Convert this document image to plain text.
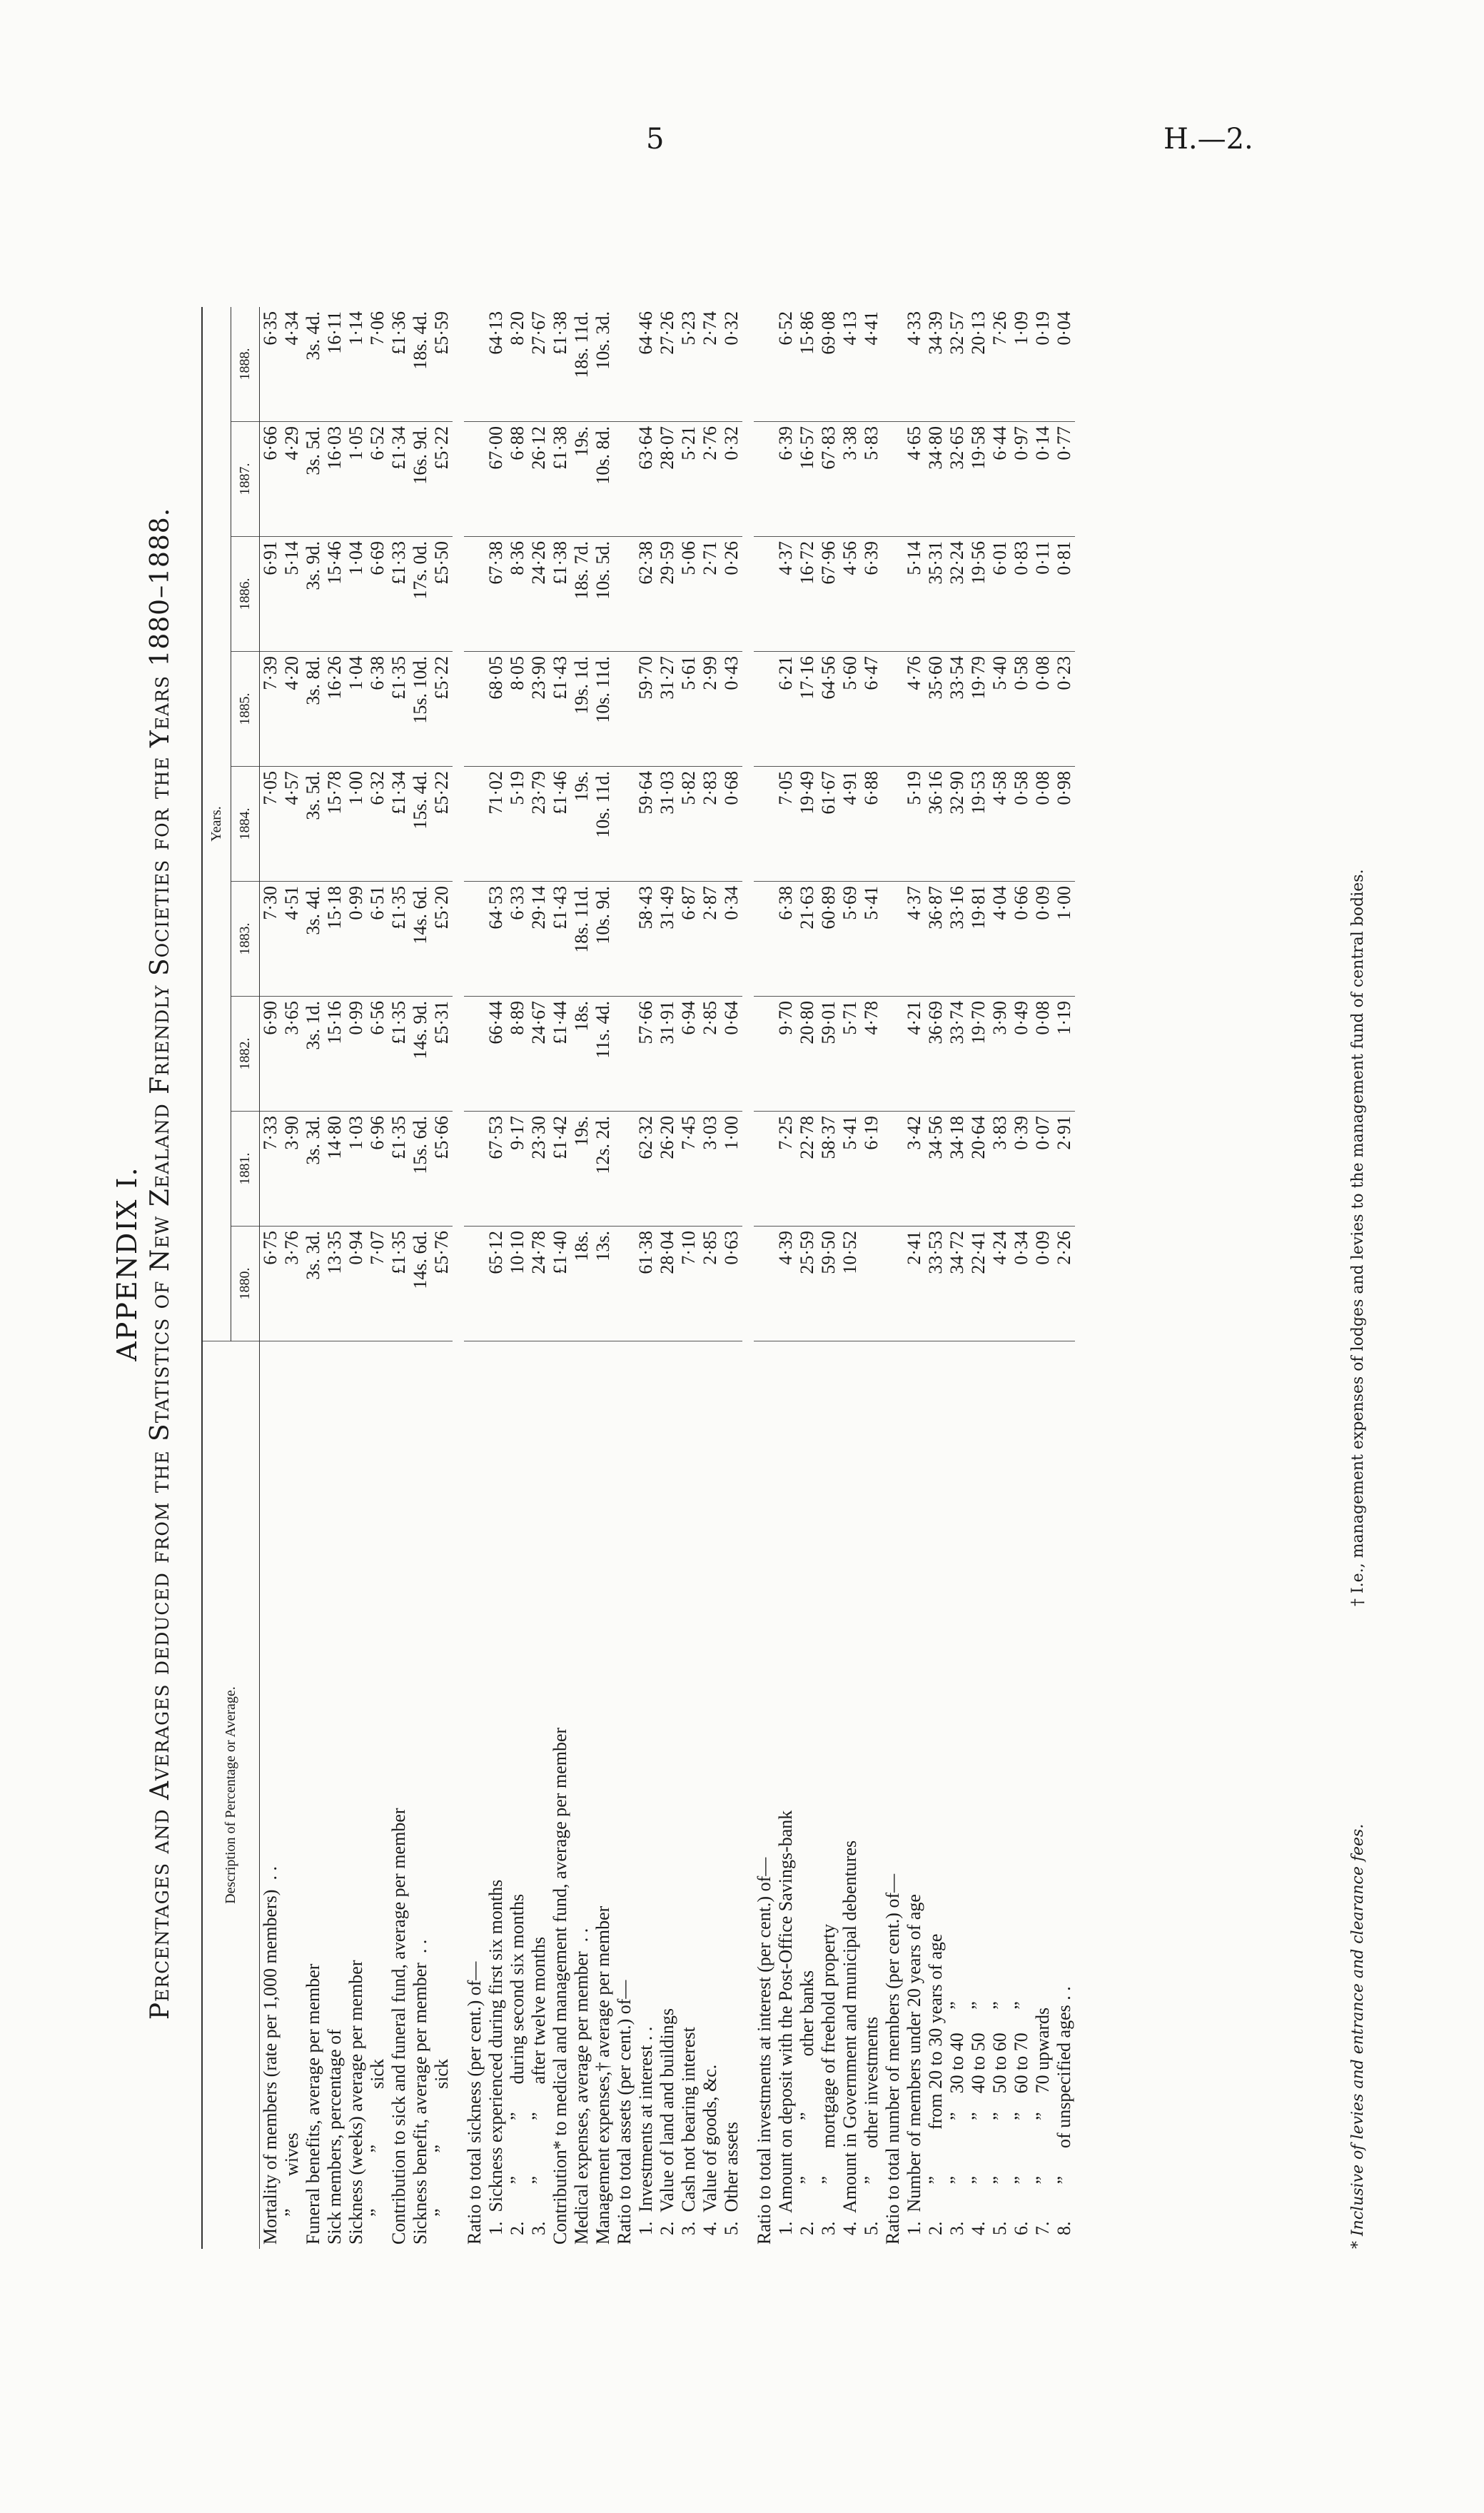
5	H.—2.
APPENDIX I. Percentages and Averages deduced from the Statistics of New Zealand Friendly Societies for the Years 1880–1888.	Description of Percentage or Average.	Years.								
	1880.	1881.	1882.	1883.	1884.	1885.	1886.	1887.	1888.
Mortality of members (rate per 1,000 members)  . .	6·75	7·33	6·90	7·30	7·05	7·39	6·91	6·66	6·35
”       wives	3·76	3·90	3·65	4·51	4·57	4·20	5·14	4·29	4·34
Funeral benefits, average per member	3s. 3d.	3s. 3d.	3s. 1d.	3s. 4d.	3s. 5d.	3s. 8d.	3s. 9d.	3s. 5d.	3s. 4d.
Sick members, percentage of	13·35	14·80	15·16	15·18	15·78	16·26	15·46	16·03	16·11
Sickness (weeks) average per member	0·94	1·03	0·99	0·99	1·00	1·04	1·04	1·05	1·14
”            ”            sick	7·07	6·96	6·56	6·51	6·32	6·38	6·69	6·52	7·06
Contribution to sick and funeral fund, average per member	£1·35	£1·35	£1·35	£1·35	£1·34	£1·35	£1·33	£1·34	£1·36
Sickness benefit, average per member  . .	14s. 6d.	15s. 6d.	14s. 9d.	14s. 6d.	15s. 4d.	15s. 10d.	17s. 0d.	16s. 9d.	18s. 4d.
”            ”            sick	£5·76	£5·66	£5·31	£5·20	£5·22	£5·22	£5·50	£5·22	£5·59

Ratio to total sickness (per cent.) of—									
1.  Sickness experienced during first six months	65·12	67·53	66·44	64·53	71·02	68·05	67·38	67·00	64·13
2.        ”            ”      during second six months	10·10	9·17	8·89	6·33	5·19	8·05	8·36	6·88	8·20
3.        ”            ”      after twelve months	24·78	23·30	24·67	29·14	23·79	23·90	24·26	26·12	27·67
Contribution* to medical and management fund, average per member	£1·40	£1·42	£1·44	£1·43	£1·46	£1·43	£1·38	£1·38	£1·38
Medical expenses, average per member  . .	18s.	19s.	18s.	18s. 11d.	19s.	19s. 1d.	18s. 7d.	19s.	18s. 11d.
Management expenses,† average per member	13s.	12s. 2d.	11s. 4d.	10s. 9d.	10s. 11d.	10s. 11d.	10s. 5d.	10s. 8d.	10s. 3d.
Ratio to total assets (per cent.) of—									
1.  Investments at interest . .	61·38	62·32	57·66	58·43	59·64	59·70	62·38	63·64	64·46
2.  Value of land and buildings	28·04	26·20	31·91	31·49	31·03	31·27	29·59	28·07	27·26
3.  Cash not bearing interest	7·10	7·45	6·94	6·87	5·82	5·61	5·06	5·21	5·23
4.  Value of goods, &c.	2·85	3·03	2·85	2·87	2·83	2·99	2·71	2·76	2·74
5.  Other assets	0·63	1·00	0·64	0·34	0·68	0·43	0·26	0·32	0·32

Ratio to total investments at interest (per cent.) of—									
1.  Amount on deposit with the Post-Office Savings-bank	4·39	7·25	9·70	6·38	7·05	6·21	4·37	6·39	6·52
2.        ”            ”            other banks	25·59	22·78	20·80	21·63	19·49	17·16	16·72	16·57	15·86
3.        ”      mortgage of freehold property	59·50	58·37	59·01	60·89	61·67	64·56	67·96	67·83	69·08
4.  Amount in Government and municipal debentures	10·52	5·41	5·71	5·69	4·91	5·60	4·56	3·38	4·13
5.        ”      other investments		6·19	4·78	5·41	6·88	6·47	6·39	5·83	4·41
Ratio to total number of members (per cent.) of—									
1.  Number of members under 20 years of age	2·41	3·42	4·21	4·37	5·19	4·76	5·14	4·65	4·33
2.        ”          from 20 to 30 years of age	33·53	34·56	36·69	36·87	36·16	35·60	35·31	34·80	34·39
3.        ”            ”    30 to 40     ”	34·72	34·18	33·74	33·16	32·90	33·54	32·24	32·65	32·57
4.        ”            ”    40 to 50     ”	22·41	20·64	19·70	19·81	19·53	19·79	19·56	19·58	20·13
5.        ”            ”    50 to 60     ”	4·24	3·83	3·90	4·04	4·58	5·40	6·01	6·44	7·26
6.        ”            ”    60 to 70     ”	0·34	0·39	0·49	0·66	0·58	0·58	0·83	0·97	1·09
7.        ”            ”    70 upwards	0·09	0·07	0·08	0·09	0·08	0·08	0·11	0·14	0·19
8.        ”      of unspecified ages . .	2·26	2·91	1·19	1·00	0·98	0·23	0·81	0·77	0·04
* Inclusive of levies and entrance and clearance fees.
† I.e., management expenses of lodges and levies to the management fund of central bodies.
